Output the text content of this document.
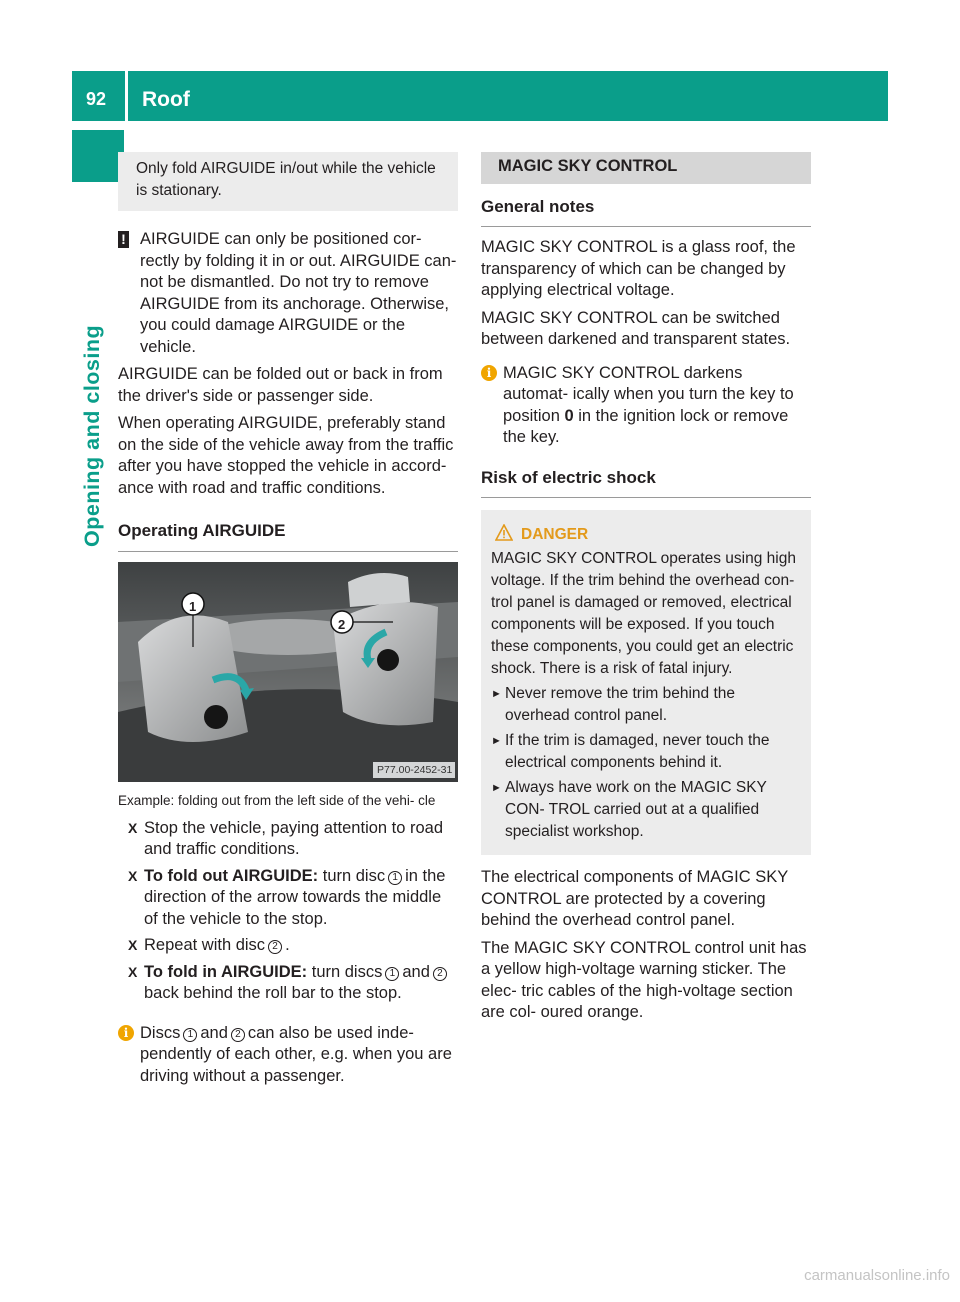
92	Roof
Opening and closing
Only fold AIRGUIDE in/out while the vehicle is stationary.
! AIRGUIDE can only be positioned cor- rectly by folding it in or out. AIRGUIDE can- not be dismantled. Do not try to remove AIRGUIDE from its anchorage. Otherwise, you could damage AIRGUIDE or the vehicle.

AIRGUIDE can be folded out or back in from the driver's side or passenger side.

When operating AIRGUIDE, preferably stand on the side of the vehicle away from the traffic after you have stopped the vehicle in accord- ance with road and traffic conditions.

Operating AIRGUIDE
1
2
P77.00-2452-31

Example: folding out from the left side of the vehi- cle

X Stop the vehicle, paying attention to road and traffic conditions.
X To fold out AIRGUIDE: turn disc 1 in the direction of the arrow towards the middle of the vehicle to the stop.
X Repeat with disc 2 .
X To fold in AIRGUIDE: turn discs 1 and 2back behind the roll bar to the stop.
i Discs 1 and 2 can also be used inde- pendently of each other, e.g. when you are driving without a passenger.
MAGIC SKY CONTROL
General notes

MAGIC SKY CONTROL is a glass roof, the transparency of which can be changed by applying electrical voltage.

MAGIC SKY CONTROL can be switched between darkened and transparent states.

i MAGIC SKY CONTROL darkens automat- ically when you turn the key to position 0 in the ignition lock or remove the key.
Risk of electric shock
DANGER

MAGIC SKY CONTROL operates using high voltage. If the trim behind the overhead con- trol panel is damaged or removed, electrical components will be exposed. If you touch these components, you could get an electric shock. There is a risk of fatal injury.

► Never remove the trim behind the overhead control panel.
► If the trim is damaged, never touch the electrical components behind it.
► Always have work on the MAGIC SKY CON- TROL carried out at a qualified specialist workshop.

The electrical components of MAGIC SKY CONTROL are protected by a covering behind the overhead control panel.

The MAGIC SKY CONTROL control unit has a yellow high-voltage warning sticker. The elec- tric cables of the high-voltage section are col- oured orange.

carmanualsonline.info
